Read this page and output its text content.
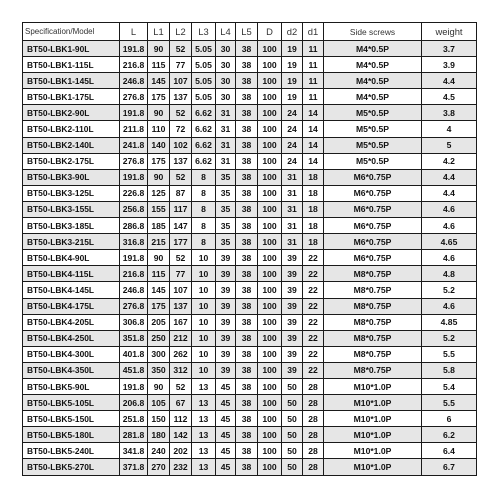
Specification/Model	L	L1	L2	L3	L4	L5	D	d2	d1	Side screws	weight
BT50-LBK1-90L	191.8	90	52	5.05	30	38	100	19	11	M4*0.5P	3.7
BT50-LBK1-115L	216.8	115	77	5.05	30	38	100	19	11	M4*0.5P	3.9
BT50-LBK1-145L	246.8	145	107	5.05	30	38	100	19	11	M4*0.5P	4.4
BT50-LBK1-175L	276.8	175	137	5.05	30	38	100	19	11	M4*0.5P	4.5
BT50-LBK2-90L	191.8	90	52	6.62	31	38	100	24	14	M5*0.5P	3.8
BT50-LBK2-110L	211.8	110	72	6.62	31	38	100	24	14	M5*0.5P	4
BT50-LBK2-140L	241.8	140	102	6.62	31	38	100	24	14	M5*0.5P	5
BT50-LBK2-175L	276.8	175	137	6.62	31	38	100	24	14	M5*0.5P	4.2
BT50-LBK3-90L	191.8	90	52	8	35	38	100	31	18	M6*0.75P	4.4
BT50-LBK3-125L	226.8	125	87	8	35	38	100	31	18	M6*0.75P	4.4
BT50-LBK3-155L	256.8	155	117	8	35	38	100	31	18	M6*0.75P	4.6
BT50-LBK3-185L	286.8	185	147	8	35	38	100	31	18	M6*0.75P	4.6
BT50-LBK3-215L	316.8	215	177	8	35	38	100	31	18	M6*0.75P	4.65
BT50-LBK4-90L	191.8	90	52	10	39	38	100	39	22	M6*0.75P	4.6
BT50-LBK4-115L	216.8	115	77	10	39	38	100	39	22	M8*0.75P	4.8
BT50-LBK4-145L	246.8	145	107	10	39	38	100	39	22	M8*0.75P	5.2
BT50-LBK4-175L	276.8	175	137	10	39	38	100	39	22	M8*0.75P	4.6
BT50-LBK4-205L	306.8	205	167	10	39	38	100	39	22	M8*0.75P	4.85
BT50-LBK4-250L	351.8	250	212	10	39	38	100	39	22	M8*0.75P	5.2
BT50-LBK4-300L	401.8	300	262	10	39	38	100	39	22	M8*0.75P	5.5
BT50-LBK4-350L	451.8	350	312	10	39	38	100	39	22	M8*0.75P	5.8
BT50-LBK5-90L	191.8	90	52	13	45	38	100	50	28	M10*1.0P	5.4
BT50-LBK5-105L	206.8	105	67	13	45	38	100	50	28	M10*1.0P	5.5
BT50-LBK5-150L	251.8	150	112	13	45	38	100	50	28	M10*1.0P	6
BT50-LBK5-180L	281.8	180	142	13	45	38	100	50	28	M10*1.0P	6.2
BT50-LBK5-240L	341.8	240	202	13	45	38	100	50	28	M10*1.0P	6.4
BT50-LBK5-270L	371.8	270	232	13	45	38	100	50	28	M10*1.0P	6.7
